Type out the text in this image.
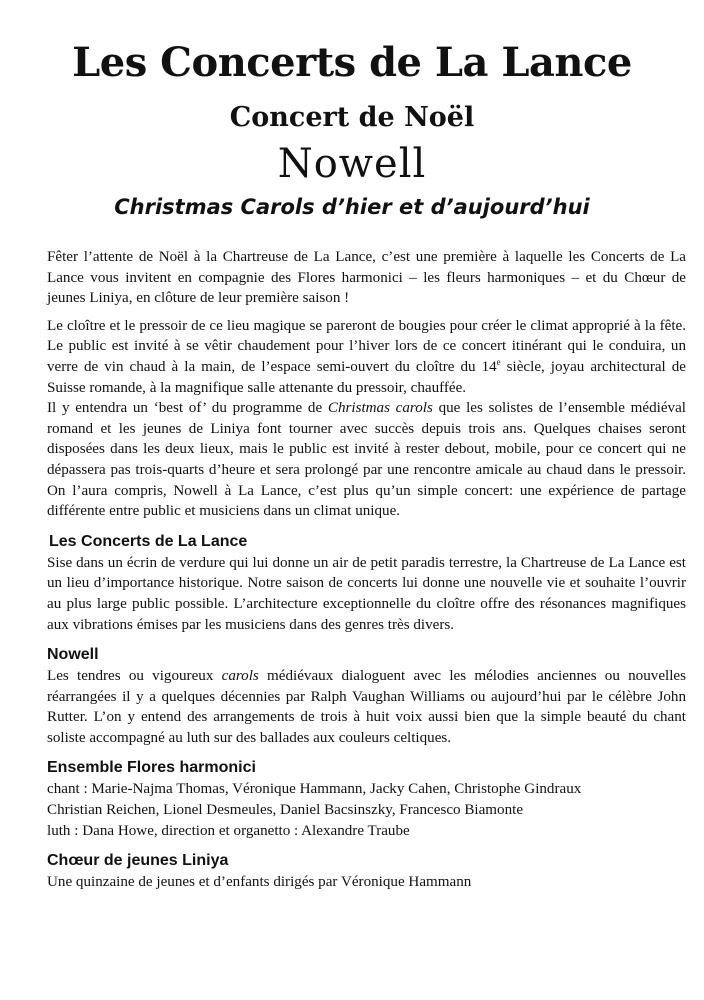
Les Concerts de La Lance
Concert de Noël
Nowell
Christmas Carols d’hier et d’aujourd’hui

Fêter l’attente de Noël à la Chartreuse de La Lance, c’est une première à laquelle les Concerts de La Lance vous invitent en compagnie des Flores harmonici – les fleurs harmoniques – et du Chœur de jeunes Liniya, en clôture de leur première saison !

Le cloître et le pressoir de ce lieu magique se pareront de bougies pour créer le climat approprié à la fête. Le public est invité à se vêtir chaudement pour l’hiver lors de ce concert itinérant qui le conduira, un verre de vin chaud à la main, de l’espace semi-ouvert du cloître du 14e siècle, joyau architectural de Suisse romande, à la magnifique salle attenante du pressoir, chauffée.

Il y entendra un ‘best of’ du programme de Christmas carols que les solistes de l’ensemble médiéval romand et les jeunes de Liniya font tourner avec succès depuis trois ans. Quelques chaises seront disposées dans les deux lieux, mais le public est invité à rester debout, mobile, pour ce concert qui ne dépassera pas trois-quarts d’heure et sera prolongé par une rencontre amicale au chaud dans le pressoir. On l’aura compris, Nowell à La Lance, c’est plus qu’un simple concert: une expérience de partage différente entre public et musiciens dans un climat unique.

Les Concerts de La Lance

Sise dans un écrin de verdure qui lui donne un air de petit paradis terrestre, la Chartreuse de La Lance est un lieu d’importance historique. Notre saison de concerts lui donne une nouvelle vie et souhaite l’ouvrir au plus large public possible. L’architecture exceptionnelle du cloître offre des résonances magnifiques aux vibrations émises par les musiciens dans des genres très divers.

Nowell

Les tendres ou vigoureux carols médiévaux dialoguent avec les mélodies anciennes ou nouvelles réarrangées il y a quelques décennies par Ralph Vaughan Williams ou aujourd’hui par le célèbre John Rutter. L’on y entend des arrangements de trois à huit voix aussi bien que la simple beauté du chant soliste accompagné au luth sur des ballades aux couleurs celtiques.

Ensemble Flores harmonici
chant : Marie-Najma Thomas, Véronique Hammann, Jacky Cahen, Christophe Gindraux
Christian Reichen, Lionel Desmeules, Daniel Bacsinszky, Francesco Biamonte
luth : Dana Howe, direction et organetto : Alexandre Traube
Chœur de jeunes Liniya
Une quinzaine de jeunes et d’enfants dirigés par Véronique Hammann
